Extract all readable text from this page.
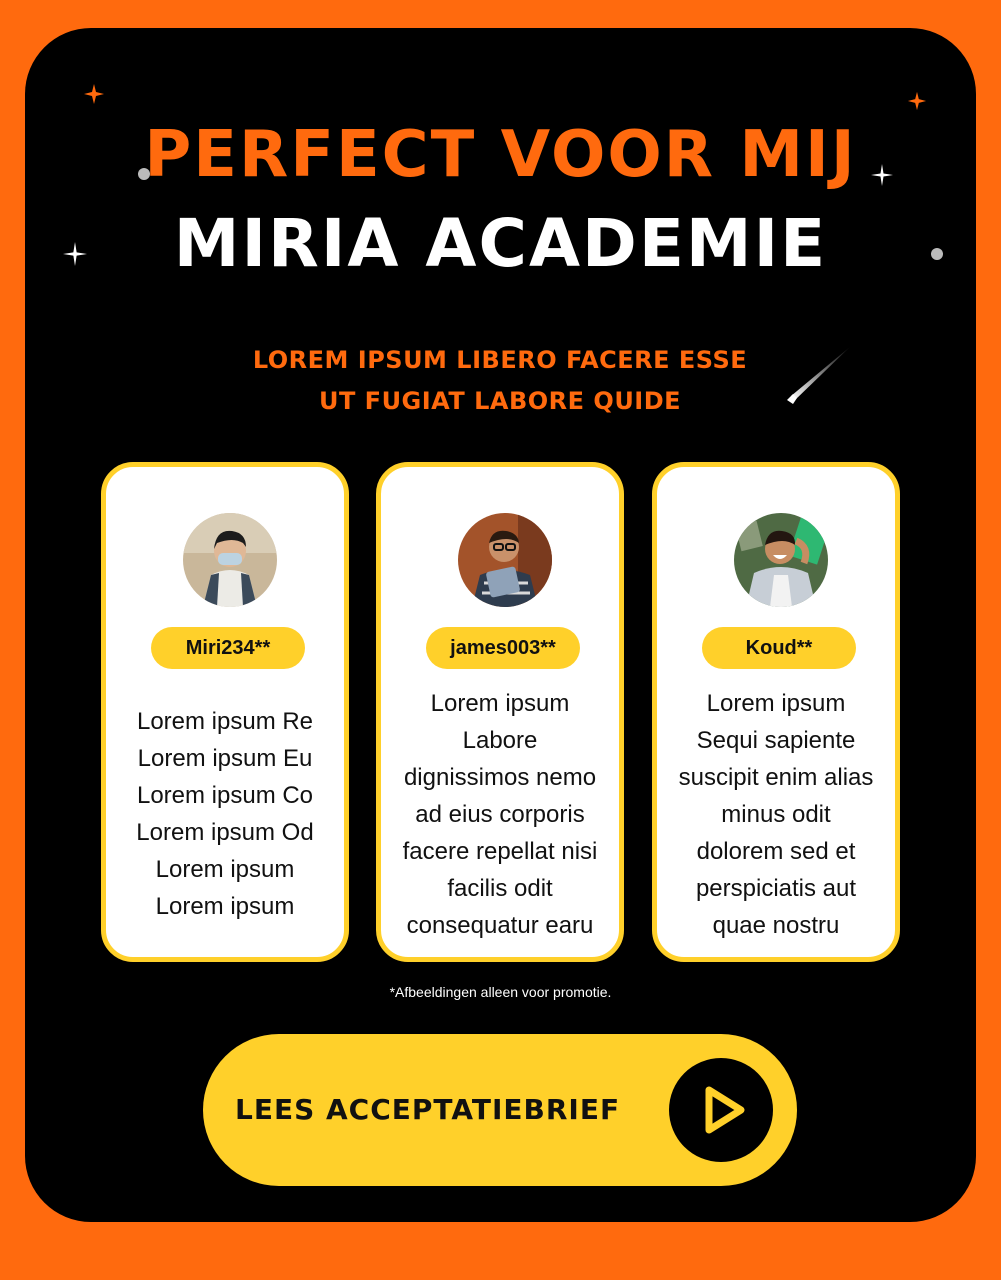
PERFECT VOOR MIJ
MIRIA ACADEMIE
LOREM IPSUM LIBERO FACERE ESSE
UT FUGIAT LABORE QUIDE
Miri234**
Lorem ipsum Re
Lorem ipsum Eu
Lorem ipsum Co
Lorem ipsum Od
Lorem ipsum
Lorem ipsum
james003**
Lorem ipsum
Labore
dignissimos nemo
ad eius corporis
facere repellat nisi
facilis odit
consequatur earu
Koud**
Lorem ipsum
Sequi sapiente
suscipit enim alias
minus odit
dolorem sed et
perspiciatis aut
quae nostru
*Afbeeldingen alleen voor promotie.
LEES ACCEPTATIEBRIEF
